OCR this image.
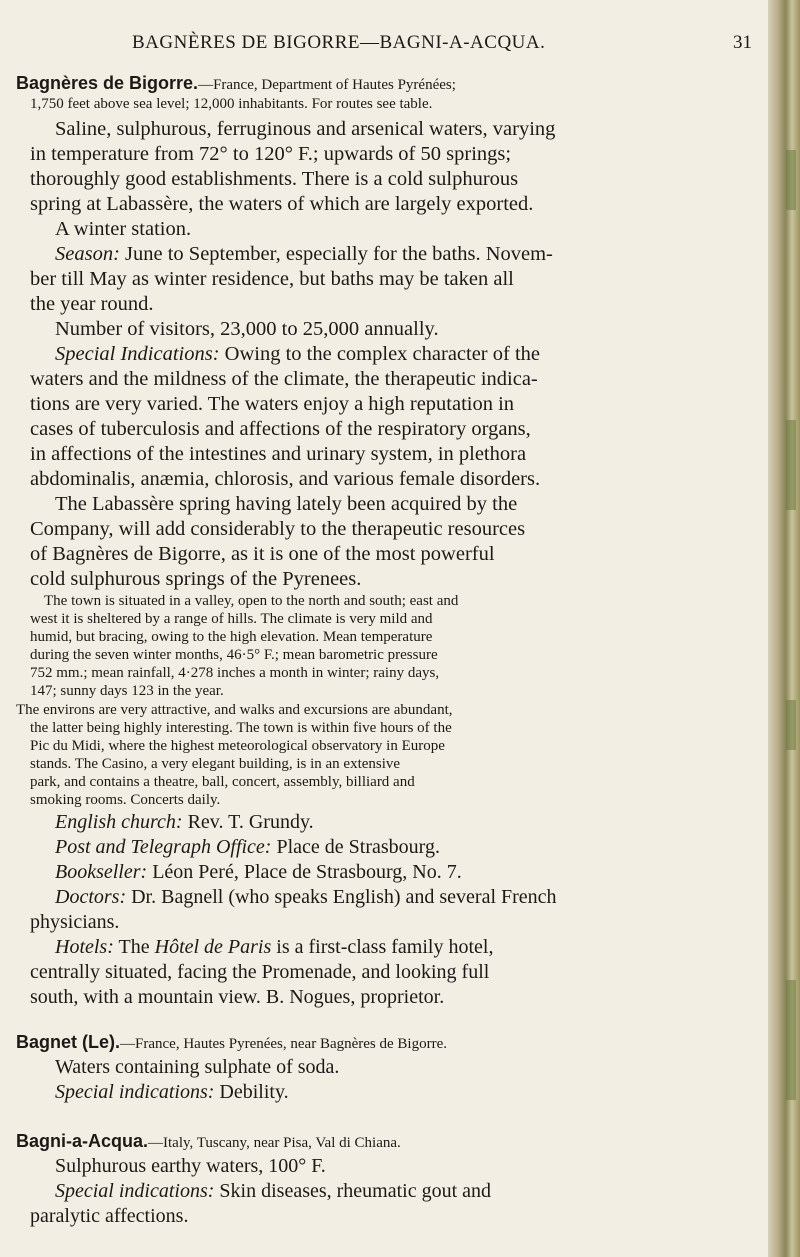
BAGNÈRES DE BIGORRE—BAGNI-A-ACQUA.	31
Bagnères de Bigorre.—France, Department of Hautes Pyrénées;
1,750 feet above sea level; 12,000 inhabitants. For routes see table.
Saline, sulphurous, ferruginous and arsenical waters, varying
in temperature from 72° to 120° F.; upwards of 50 springs;
thoroughly good establishments. There is a cold sulphurous
spring at Labassère, the waters of which are largely exported.
A winter station.
Season: June to September, especially for the baths. Novem-
ber till May as winter residence, but baths may be taken all
the year round.
Number of visitors, 23,000 to 25,000 annually.
Special Indications: Owing to the complex character of the
waters and the mildness of the climate, the therapeutic indica-
tions are very varied. The waters enjoy a high reputation in
cases of tuberculosis and affections of the respiratory organs,
in affections of the intestines and urinary system, in plethora
abdominalis, anæmia, chlorosis, and various female disorders.
The Labassère spring having lately been acquired by the
Company, will add considerably to the therapeutic resources
of Bagnères de Bigorre, as it is one of the most powerful
cold sulphurous springs of the Pyrenees.
The town is situated in a valley, open to the north and south; east and
west it is sheltered by a range of hills. The climate is very mild and
humid, but bracing, owing to the high elevation. Mean temperature
during the seven winter months, 46·5° F.; mean barometric pressure
752 mm.; mean rainfall, 4·278 inches a month in winter; rainy days,
147; sunny days 123 in the year.
The environs are very attractive, and walks and excursions are abundant,
the latter being highly interesting. The town is within five hours of the
Pic du Midi, where the highest meteorological observatory in Europe
stands. The Casino, a very elegant building, is in an extensive
park, and contains a theatre, ball, concert, assembly, billiard and
smoking rooms. Concerts daily.
English church: Rev. T. Grundy.
Post and Telegraph Office: Place de Strasbourg.
Bookseller: Léon Peré, Place de Strasbourg, No. 7.
Doctors: Dr. Bagnell (who speaks English) and several French
physicians.
Hotels: The Hôtel de Paris is a first-class family hotel,
centrally situated, facing the Promenade, and looking full
south, with a mountain view. B. Nogues, proprietor.
Bagnet (Le).—France, Hautes Pyrenées, near Bagnères de Bigorre.
Waters containing sulphate of soda.
Special indications: Debility.
Bagni-a-Acqua.—Italy, Tuscany, near Pisa, Val di Chiana.
Sulphurous earthy waters, 100° F.
Special indications: Skin diseases, rheumatic gout and
paralytic affections.
